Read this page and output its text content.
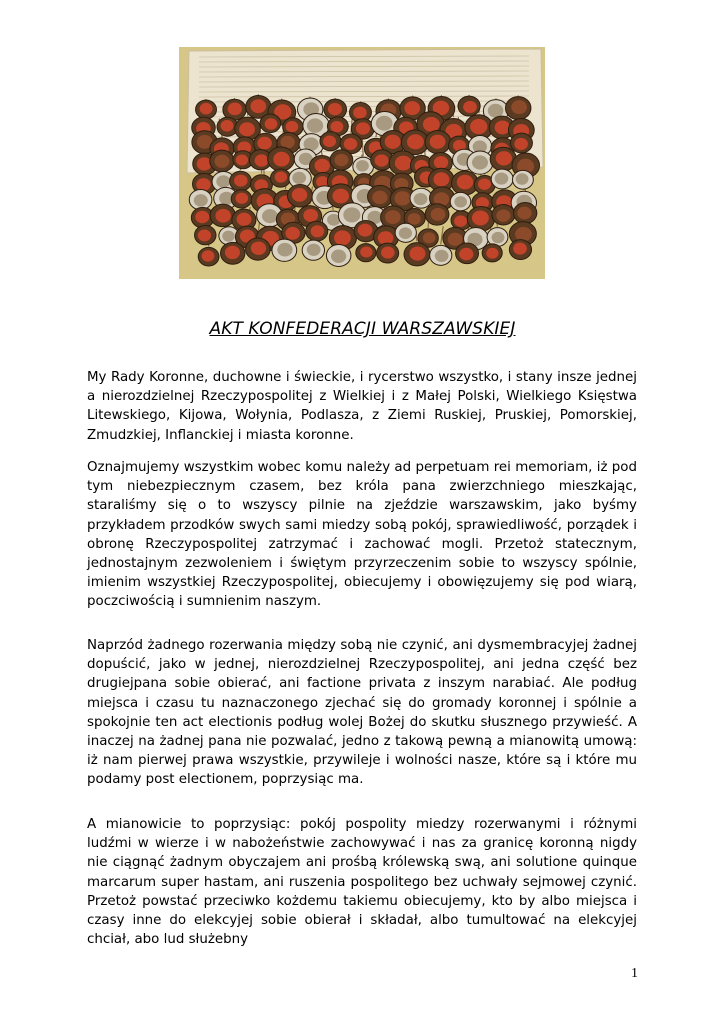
AKT KONFEDERACJI WARSZAWSKIEJ

My Rady Koronne, duchowne i świeckie, i rycerstwo wszystko, i stany insze jednej a nierozdzielnej Rzeczypospolitej z Wielkiej i z Małej Polski, Wielkiego Księstwa Litewskiego, Kijowa, Wołynia, Podlasza, z Ziemi Ruskiej, Pruskiej, Pomorskiej, Zmudzkiej, Inflanckiej i miasta koronne.

Oznajmujemy wszystkim wobec komu należy ad perpetuam rei memoriam, iż pod tym niebezpiecznym czasem, bez króla pana zwierzchniego mieszkając, staraliśmy się o to wszyscy pilnie na zjeździe warszawskim, jako byśmy przykładem przodków swych sami miedzy sobą pokój, sprawiedliwość, porządek i obronę Rzeczypospolitej zatrzymać i zachować mogli. Przetoż statecznym, jednostajnym zezwoleniem i świętym przyrzeczenim sobie to wszyscy spólnie, imienim wszystkiej Rzeczypospolitej, obiecujemy i obowięzujemy się pod wiarą, poczciwością i sumnienim naszym.

Naprzód żadnego rozerwania między sobą nie czynić, ani dysmembracyjej żadnej dopuścić, jako w jednej, nierozdzielnej Rzeczypospolitej, ani jedna część bez drugiejpana sobie obierać, ani factione privata z inszym narabiać. Ale podług miejsca i czasu tu naznaczonego zjechać się do gromady koronnej i spólnie a spokojnie ten act electionis podług wolej Bożej do skutku słusznego przywieść. A inaczej na żadnej pana nie pozwalać, jedno z takową pewną a mianowitą umową: iż nam pierwej prawa wszystkie, przywileje i wolności nasze, które są i które mu podamy post electionem, poprzysiąc ma.

A mianowicie to poprzysiąc: pokój pospolity miedzy rozerwanymi i różnymi ludźmi w wierze i w nabożeństwie zachowywać i nas za granicę koronną nigdy nie ciągnąć żadnym obyczajem ani prośbą królewską swą, ani solutione quinque marcarum super hastam, ani ruszenia pospolitego bez uchwały sejmowej czynić. Przetoż powstać przeciwko kożdemu takiemu obiecujemy, kto by albo miejsca i czasy inne do elekcyjej sobie obierał i składał, albo tumultować na elekcyjej chciał, abo lud służebny

1
